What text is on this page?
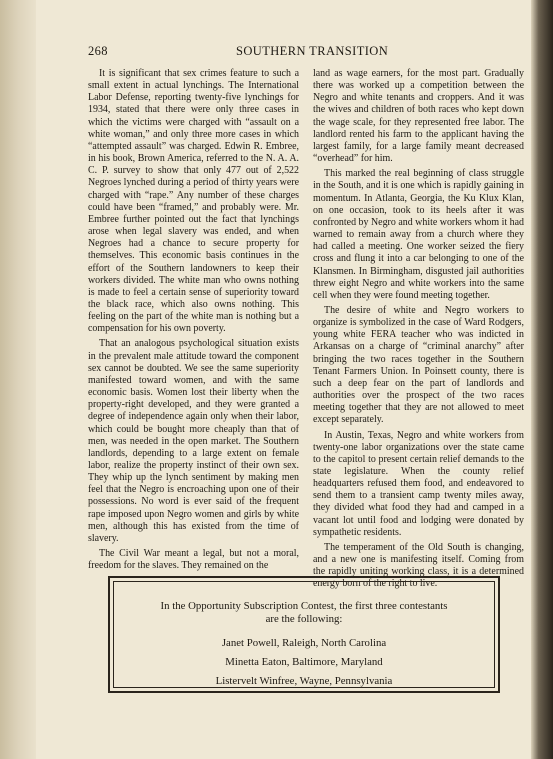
268	SOUTHERN TRANSITION

It is significant that sex crimes feature to such a small extent in actual lynchings. The International Labor Defense, reporting twenty-five lynchings for 1934, stated that there were only three cases in which the victims were charged with “assault on a white woman,” and only three more cases in which “attempted assault” was charged. Edwin R. Embree, in his book, Brown America, referred to the N. A. A. C. P. survey to show that only 477 out of 2,522 Negroes lynched during a period of thirty years were charged with “rape.” Any number of these charges could have been “framed,” and probably were. Mr. Embree further pointed out the fact that lynchings arose when legal slavery was ended, and when Negroes had a chance to secure property for themselves. This economic basis continues in the effort of the Southern landowners to keep their workers divided. The white man who owns nothing is made to feel a certain sense of superiority toward the black race, which also owns nothing. This feeling on the part of the white man is nothing but a compensation for his own poverty.

That an analogous psychological situation exists in the prevalent male attitude toward the component sex cannot be doubted. We see the same superiority manifested toward women, and with the same economic basis. Women lost their liberty when the property-right developed, and they were granted a degree of independence again only when their labor, which could be bought more cheaply than that of men, was needed in the open market. The Southern landlords, depending to a large extent on female labor, realize the property instinct of their own sex. They whip up the lynch sentiment by making men feel that the Negro is encroaching upon one of their possessions. No word is ever said of the frequent rape imposed upon Negro women and girls by white men, although this has existed from the time of slavery.

The Civil War meant a legal, but not a moral, freedom for the slaves. They remained on the

land as wage earners, for the most part. Gradually there was worked up a competition between the Negro and white tenants and croppers. And it was the wives and children of both races who kept down the wage scale, for they represented free labor. The landlord rented his farm to the applicant having the largest family, for a large family meant decreased “overhead” for him.

This marked the real beginning of class struggle in the South, and it is one which is rapidly gaining in momentum. In Atlanta, Georgia, the Ku Klux Klan, on one occasion, took to its heels after it was confronted by Negro and white workers whom it had warned to remain away from a church where they had called a meeting. One worker seized the fiery cross and flung it into a car belonging to one of the Klansmen. In Birmingham, disgusted jail authorities threw eight Negro and white workers into the same cell when they were found meeting together.

The desire of white and Negro workers to organize is symbolized in the case of Ward Rodgers, young white FERA teacher who was indicted in Arkansas on a charge of “criminal anarchy” after bringing the two races together in the Southern Tenant Farmers Union. In Poinsett county, there is such a deep fear on the part of landlords and authorities over the prospect of the two races meeting together that they are not allowed to meet except separately.

In Austin, Texas, Negro and white workers from twenty-one labor organizations over the state came to the capitol to present certain relief demands to the state legislature. When the county relief headquarters refused them food, and endeavored to send them to a transient camp twenty miles away, they divided what food they had and camped in a vacant lot until food and lodging were donated by sympathetic residents.

The temperament of the Old South is changing, and a new one is manifesting itself. Coming from the rapidly uniting working class, it is a determined energy born of the right to live.

In the Opportunity Subscription Contest, the first three contestants
are the following:
Janet Powell, Raleigh, North Carolina
Minetta Eaton, Baltimore, Maryland
Listervelt Winfree, Wayne, Pennsylvania
